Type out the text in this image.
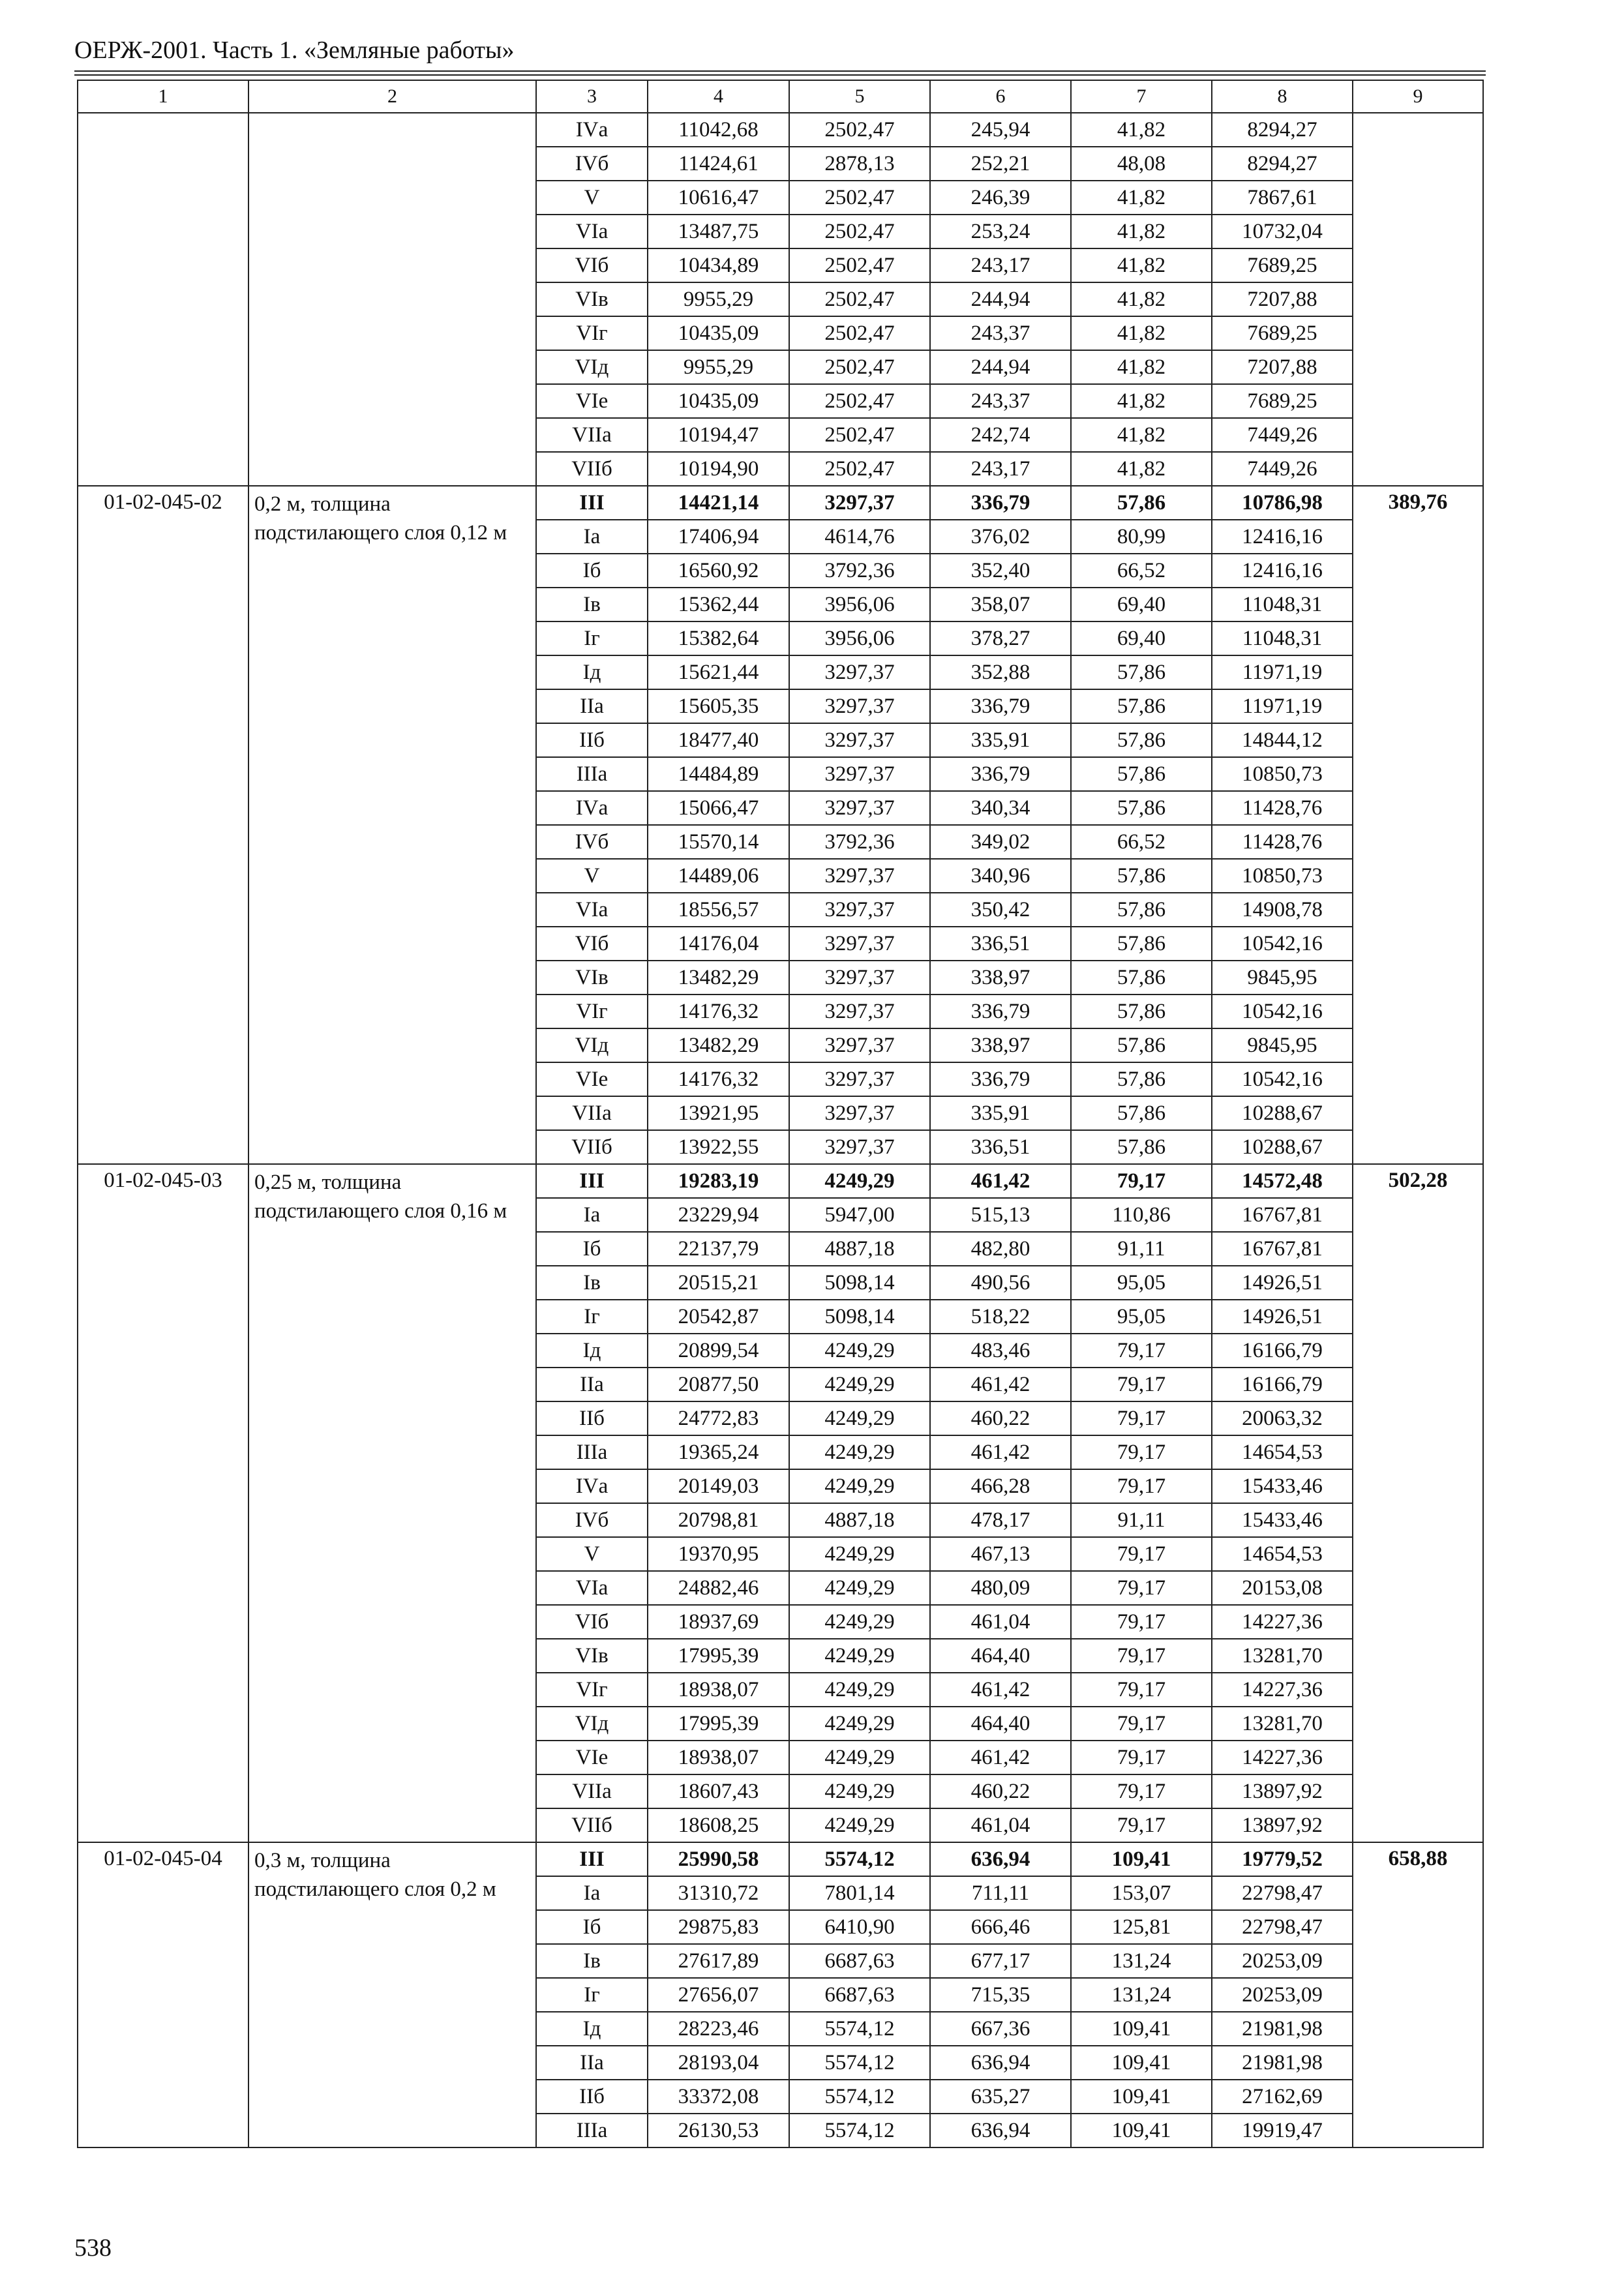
ОЕРЖ-2001. Часть 1. «Земляные работы»
1	2	3	4	5	6	7	8	9
		IVа	11042,68	2502,47	245,94	41,82	8294,27	
		IVб	11424,61	2878,13	252,21	48,08	8294,27	
		V	10616,47	2502,47	246,39	41,82	7867,61	
		VIа	13487,75	2502,47	253,24	41,82	10732,04	
		VIб	10434,89	2502,47	243,17	41,82	7689,25	
		VIв	9955,29	2502,47	244,94	41,82	7207,88	
		VIг	10435,09	2502,47	243,37	41,82	7689,25	
		VIд	9955,29	2502,47	244,94	41,82	7207,88	
		VIе	10435,09	2502,47	243,37	41,82	7689,25	
		VIIа	10194,47	2502,47	242,74	41,82	7449,26	
		VIIб	10194,90	2502,47	243,17	41,82	7449,26	
01-02-045-02	0,2 м, толщина подстилающего слоя 0,12 м	III	14421,14	3297,37	336,79	57,86	10786,98	389,76
		Iа	17406,94	4614,76	376,02	80,99	12416,16	
		Iб	16560,92	3792,36	352,40	66,52	12416,16	
		Iв	15362,44	3956,06	358,07	69,40	11048,31	
		Iг	15382,64	3956,06	378,27	69,40	11048,31	
		Iд	15621,44	3297,37	352,88	57,86	11971,19	
		IIа	15605,35	3297,37	336,79	57,86	11971,19	
		IIб	18477,40	3297,37	335,91	57,86	14844,12	
		IIIа	14484,89	3297,37	336,79	57,86	10850,73	
		IVа	15066,47	3297,37	340,34	57,86	11428,76	
		IVб	15570,14	3792,36	349,02	66,52	11428,76	
		V	14489,06	3297,37	340,96	57,86	10850,73	
		VIа	18556,57	3297,37	350,42	57,86	14908,78	
		VIб	14176,04	3297,37	336,51	57,86	10542,16	
		VIв	13482,29	3297,37	338,97	57,86	9845,95	
		VIг	14176,32	3297,37	336,79	57,86	10542,16	
		VIд	13482,29	3297,37	338,97	57,86	9845,95	
		VIе	14176,32	3297,37	336,79	57,86	10542,16	
		VIIа	13921,95	3297,37	335,91	57,86	10288,67	
		VIIб	13922,55	3297,37	336,51	57,86	10288,67	
01-02-045-03	0,25 м, толщина подстилающего слоя 0,16 м	III	19283,19	4249,29	461,42	79,17	14572,48	502,28
		Iа	23229,94	5947,00	515,13	110,86	16767,81	
		Iб	22137,79	4887,18	482,80	91,11	16767,81	
		Iв	20515,21	5098,14	490,56	95,05	14926,51	
		Iг	20542,87	5098,14	518,22	95,05	14926,51	
		Iд	20899,54	4249,29	483,46	79,17	16166,79	
		IIа	20877,50	4249,29	461,42	79,17	16166,79	
		IIб	24772,83	4249,29	460,22	79,17	20063,32	
		IIIа	19365,24	4249,29	461,42	79,17	14654,53	
		IVа	20149,03	4249,29	466,28	79,17	15433,46	
		IVб	20798,81	4887,18	478,17	91,11	15433,46	
		V	19370,95	4249,29	467,13	79,17	14654,53	
		VIа	24882,46	4249,29	480,09	79,17	20153,08	
		VIб	18937,69	4249,29	461,04	79,17	14227,36	
		VIв	17995,39	4249,29	464,40	79,17	13281,70	
		VIг	18938,07	4249,29	461,42	79,17	14227,36	
		VIд	17995,39	4249,29	464,40	79,17	13281,70	
		VIе	18938,07	4249,29	461,42	79,17	14227,36	
		VIIа	18607,43	4249,29	460,22	79,17	13897,92	
		VIIб	18608,25	4249,29	461,04	79,17	13897,92	
01-02-045-04	0,3 м, толщина подстилающего слоя 0,2 м	III	25990,58	5574,12	636,94	109,41	19779,52	658,88
		Iа	31310,72	7801,14	711,11	153,07	22798,47	
		Iб	29875,83	6410,90	666,46	125,81	22798,47	
		Iв	27617,89	6687,63	677,17	131,24	20253,09	
		Iг	27656,07	6687,63	715,35	131,24	20253,09	
		Iд	28223,46	5574,12	667,36	109,41	21981,98	
		IIа	28193,04	5574,12	636,94	109,41	21981,98	
		IIб	33372,08	5574,12	635,27	109,41	27162,69	
		IIIа	26130,53	5574,12	636,94	109,41	19919,47	
538
